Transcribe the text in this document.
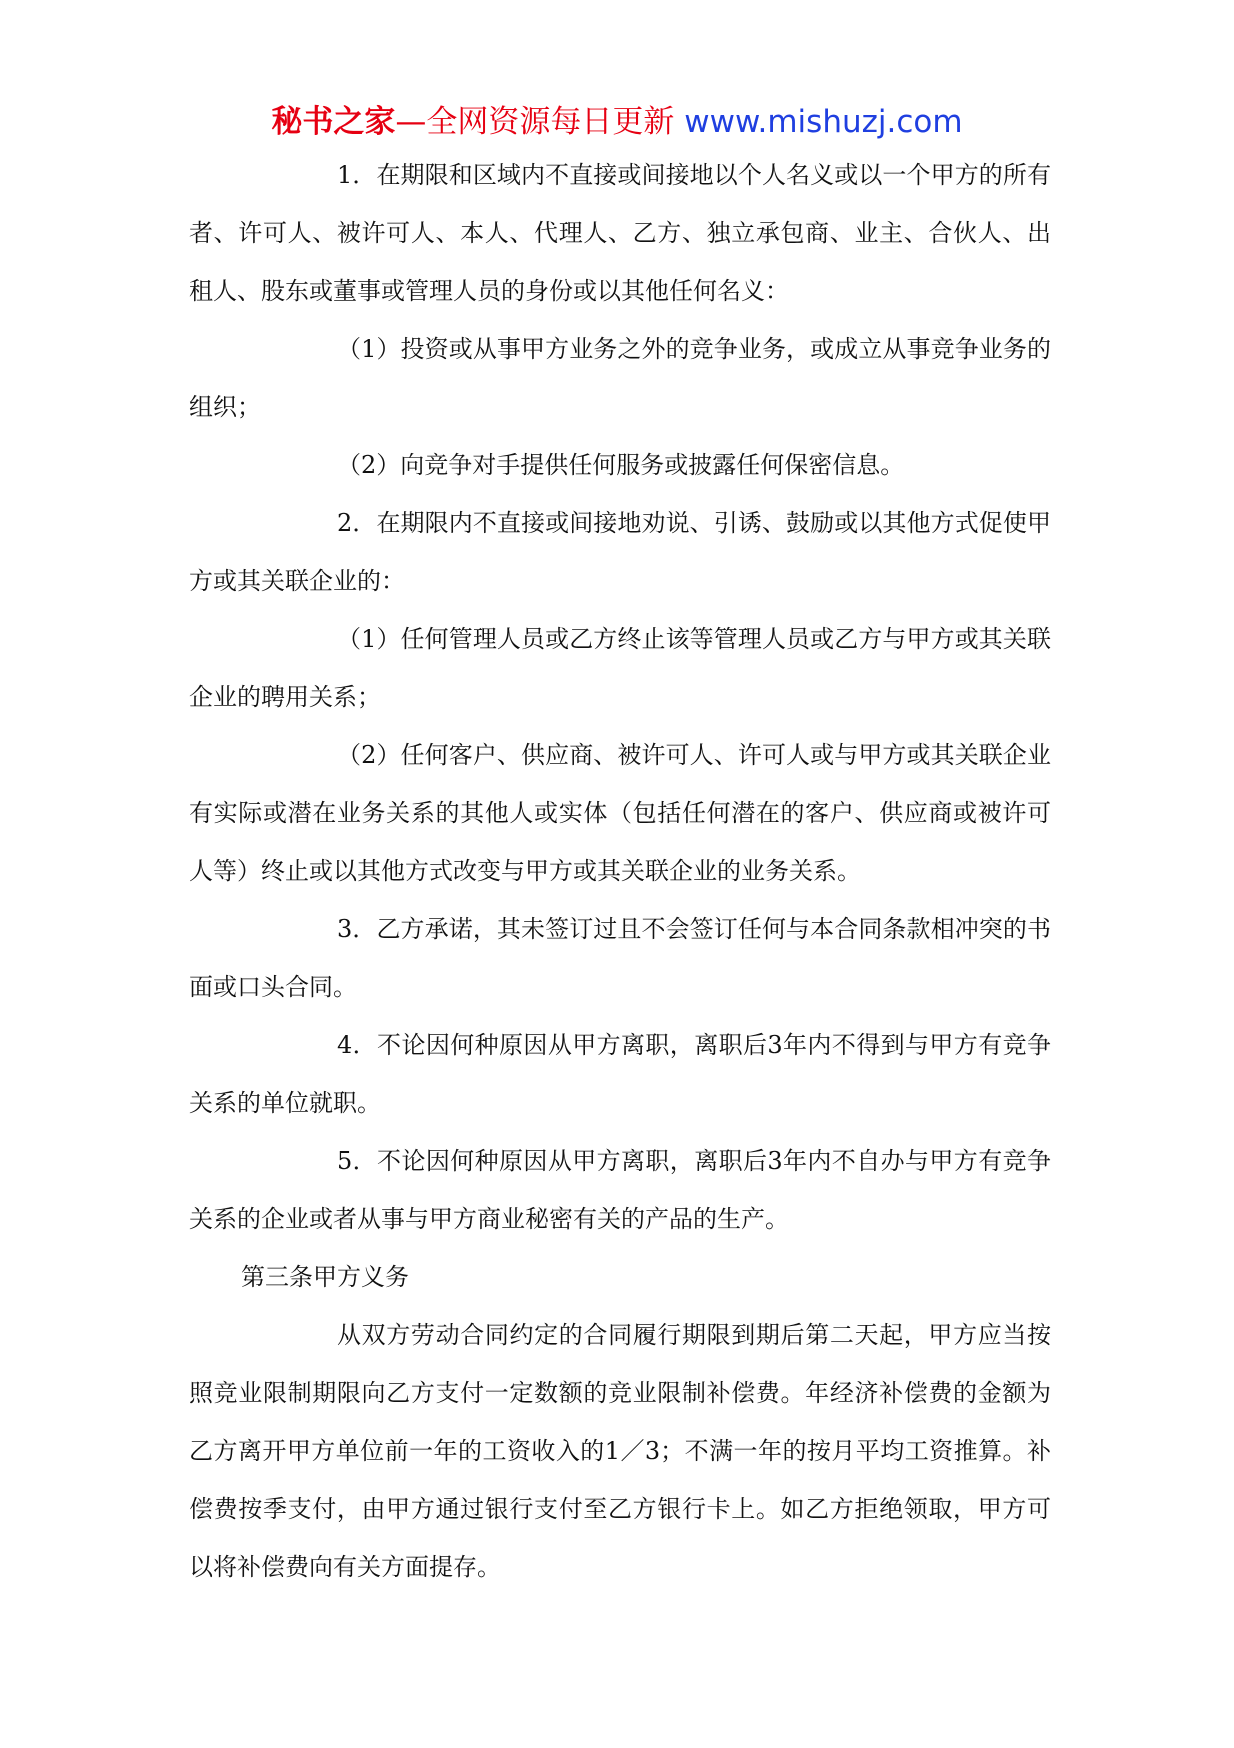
秘书之家—全网资源每日更新 www.mishuzj.com

1．在期限和区域内不直接或间接地以个人名义或以一个甲方的所有者、许可人、被许可人、本人、代理人、乙方、独立承包商、业主、合伙人、出租人、股东或董事或管理人员的身份或以其他任何名义：

（1）投资或从事甲方业务之外的竞争业务，或成立从事竞争业务的组织；

（2）向竞争对手提供任何服务或披露任何保密信息。

2．在期限内不直接或间接地劝说、引诱、鼓励或以其他方式促使甲方或其关联企业的：

（1）任何管理人员或乙方终止该等管理人员或乙方与甲方或其关联企业的聘用关系；

（2）任何客户、供应商、被许可人、许可人或与甲方或其关联企业有实际或潜在业务关系的其他人或实体（包括任何潜在的客户、供应商或被许可人等）终止或以其他方式改变与甲方或其关联企业的业务关系。

3．乙方承诺，其未签订过且不会签订任何与本合同条款相冲突的书面或口头合同。

4．不论因何种原因从甲方离职，离职后3年内不得到与甲方有竞争关系的单位就职。

5．不论因何种原因从甲方离职，离职后3年内不自办与甲方有竞争关系的企业或者从事与甲方商业秘密有关的产品的生产。

第三条甲方义务

从双方劳动合同约定的合同履行期限到期后第二天起，甲方应当按照竞业限制期限向乙方支付一定数额的竞业限制补偿费。年经济补偿费的金额为乙方离开甲方单位前一年的工资收入的1／3；不满一年的按月平均工资推算。补偿费按季支付，由甲方通过银行支付至乙方银行卡上。如乙方拒绝领取，甲方可以将补偿费向有关方面提存。
